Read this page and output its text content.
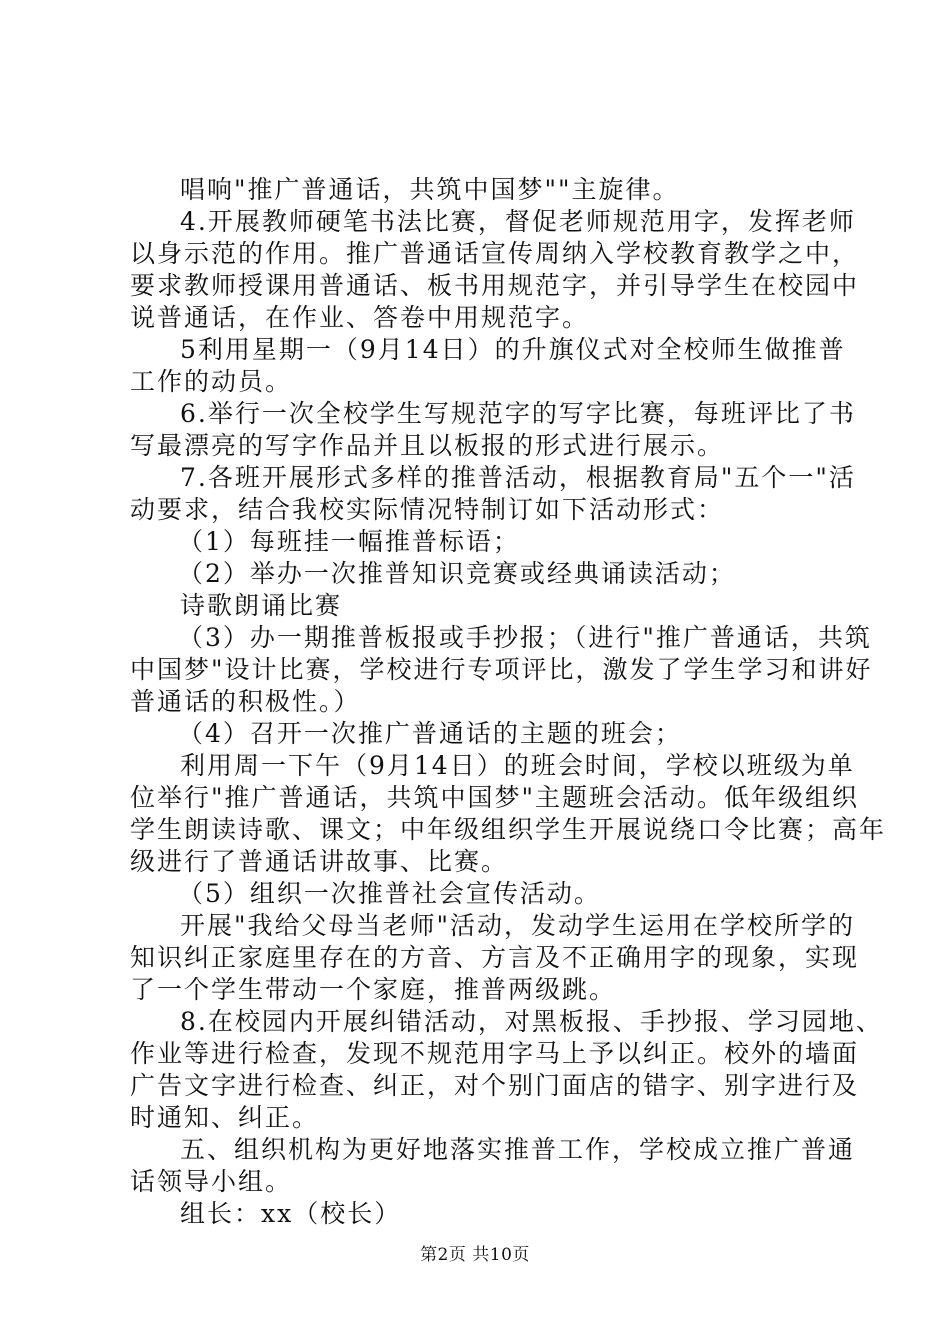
唱响"推广普通话，共筑中国梦""主旋律。
4.开展教师硬笔书法比赛，督促老师规范用字，发挥老师
以身示范的作用。推广普通话宣传周纳入学校教育教学之中，
要求教师授课用普通话、板书用规范字，并引导学生在校园中
说普通话，在作业、答卷中用规范字。
5利用星期一（9月14日）的升旗仪式对全校师生做推普
工作的动员。
6.举行一次全校学生写规范字的写字比赛，每班评比了书
写最漂亮的写字作品并且以板报的形式进行展示。
7.各班开展形式多样的推普活动，根据教育局"五个一"活
动要求，结合我校实际情况特制订如下活动形式：
（1）每班挂一幅推普标语；
（2）举办一次推普知识竞赛或经典诵读活动；
诗歌朗诵比赛
（3）办一期推普板报或手抄报；（进行"推广普通话，共筑
中国梦"设计比赛，学校进行专项评比，激发了学生学习和讲好
普通话的积极性。）
（4）召开一次推广普通话的主题的班会；
利用周一下午（9月14日）的班会时间，学校以班级为单
位举行"推广普通话，共筑中国梦"主题班会活动。低年级组织
学生朗读诗歌、课文；中年级组织学生开展说绕口令比赛；高年
级进行了普通话讲故事、比赛。
（5）组织一次推普社会宣传活动。
开展"我给父母当老师"活动，发动学生运用在学校所学的
知识纠正家庭里存在的方音、方言及不正确用字的现象，实现
了一个学生带动一个家庭，推普两级跳。
8.在校园内开展纠错活动，对黑板报、手抄报、学习园地、
作业等进行检查，发现不规范用字马上予以纠正。校外的墙面
广告文字进行检查、纠正，对个别门面店的错字、别字进行及
时通知、纠正。
五、组织机构为更好地落实推普工作，学校成立推广普通
话领导小组。
组长：xx（校长）
第2页 共10页
